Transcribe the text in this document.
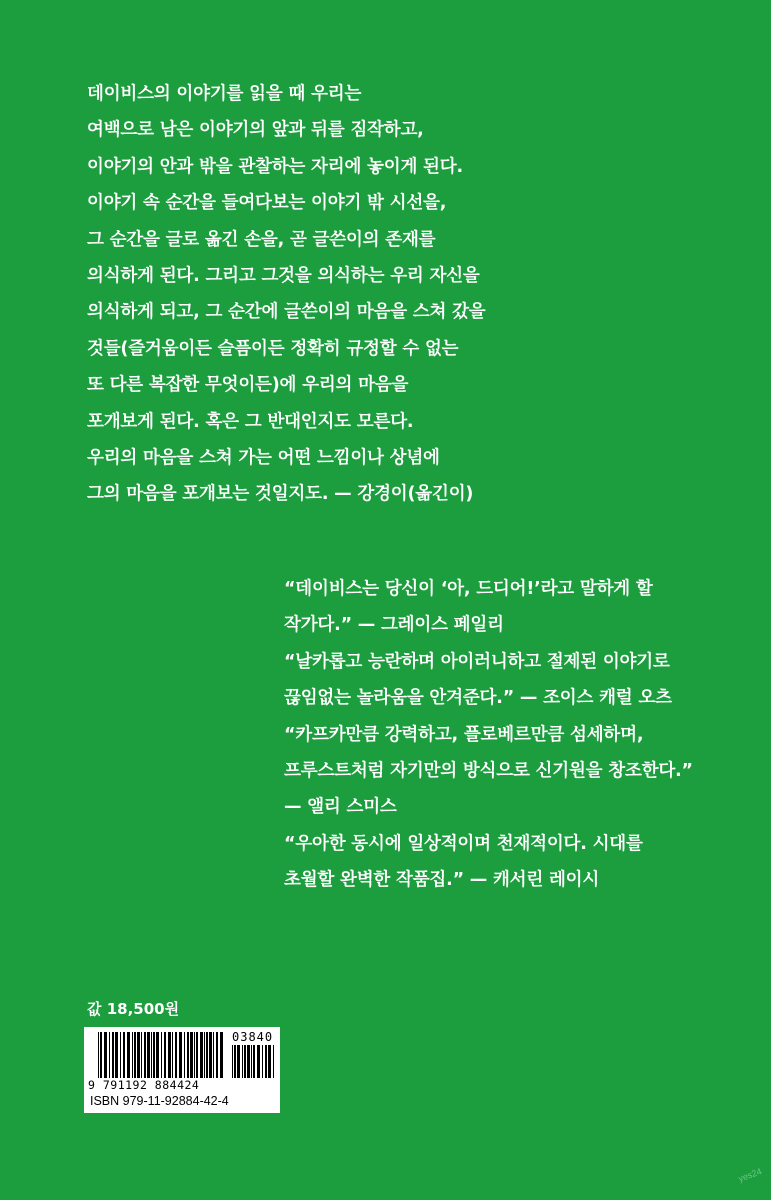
데이비스의 이야기를 읽을 때 우리는
여백으로 남은 이야기의 앞과 뒤를 짐작하고,
이야기의 안과 밖을 관찰하는 자리에 놓이게 된다.
이야기 속 순간을 들여다보는 이야기 밖 시선을,
그 순간을 글로 옮긴 손을, 곧 글쓴이의 존재를
의식하게 된다. 그리고 그것을 의식하는 우리 자신을
의식하게 되고, 그 순간에 글쓴이의 마음을 스쳐 갔을
것들(즐거움이든 슬픔이든 정확히 규정할 수 없는
또 다른 복잡한 무엇이든)에 우리의 마음을
포개보게 된다. 혹은 그 반대인지도 모른다.
우리의 마음을 스쳐 가는 어떤 느낌이나 상념에
그의 마음을 포개보는 것일지도. — 강경이(옮긴이)
“데이비스는 당신이 ‘아, 드디어!’라고 말하게 할
작가다.” — 그레이스 페일리
“날카롭고 능란하며 아이러니하고 절제된 이야기로
끊임없는 놀라움을 안겨준다.” — 조이스 캐럴 오츠
“카프카만큼 강력하고, 플로베르만큼 섬세하며,
프루스트처럼 자기만의 방식으로 신기원을 창조한다.”
— 앨리 스미스
“우아한 동시에 일상적이며 천재적이다. 시대를
초월할 완벽한 작품집.” — 캐서린 레이시
값 18,500원
03840
9 791192 884424
ISBN 979-11-92884-42-4
yes24
